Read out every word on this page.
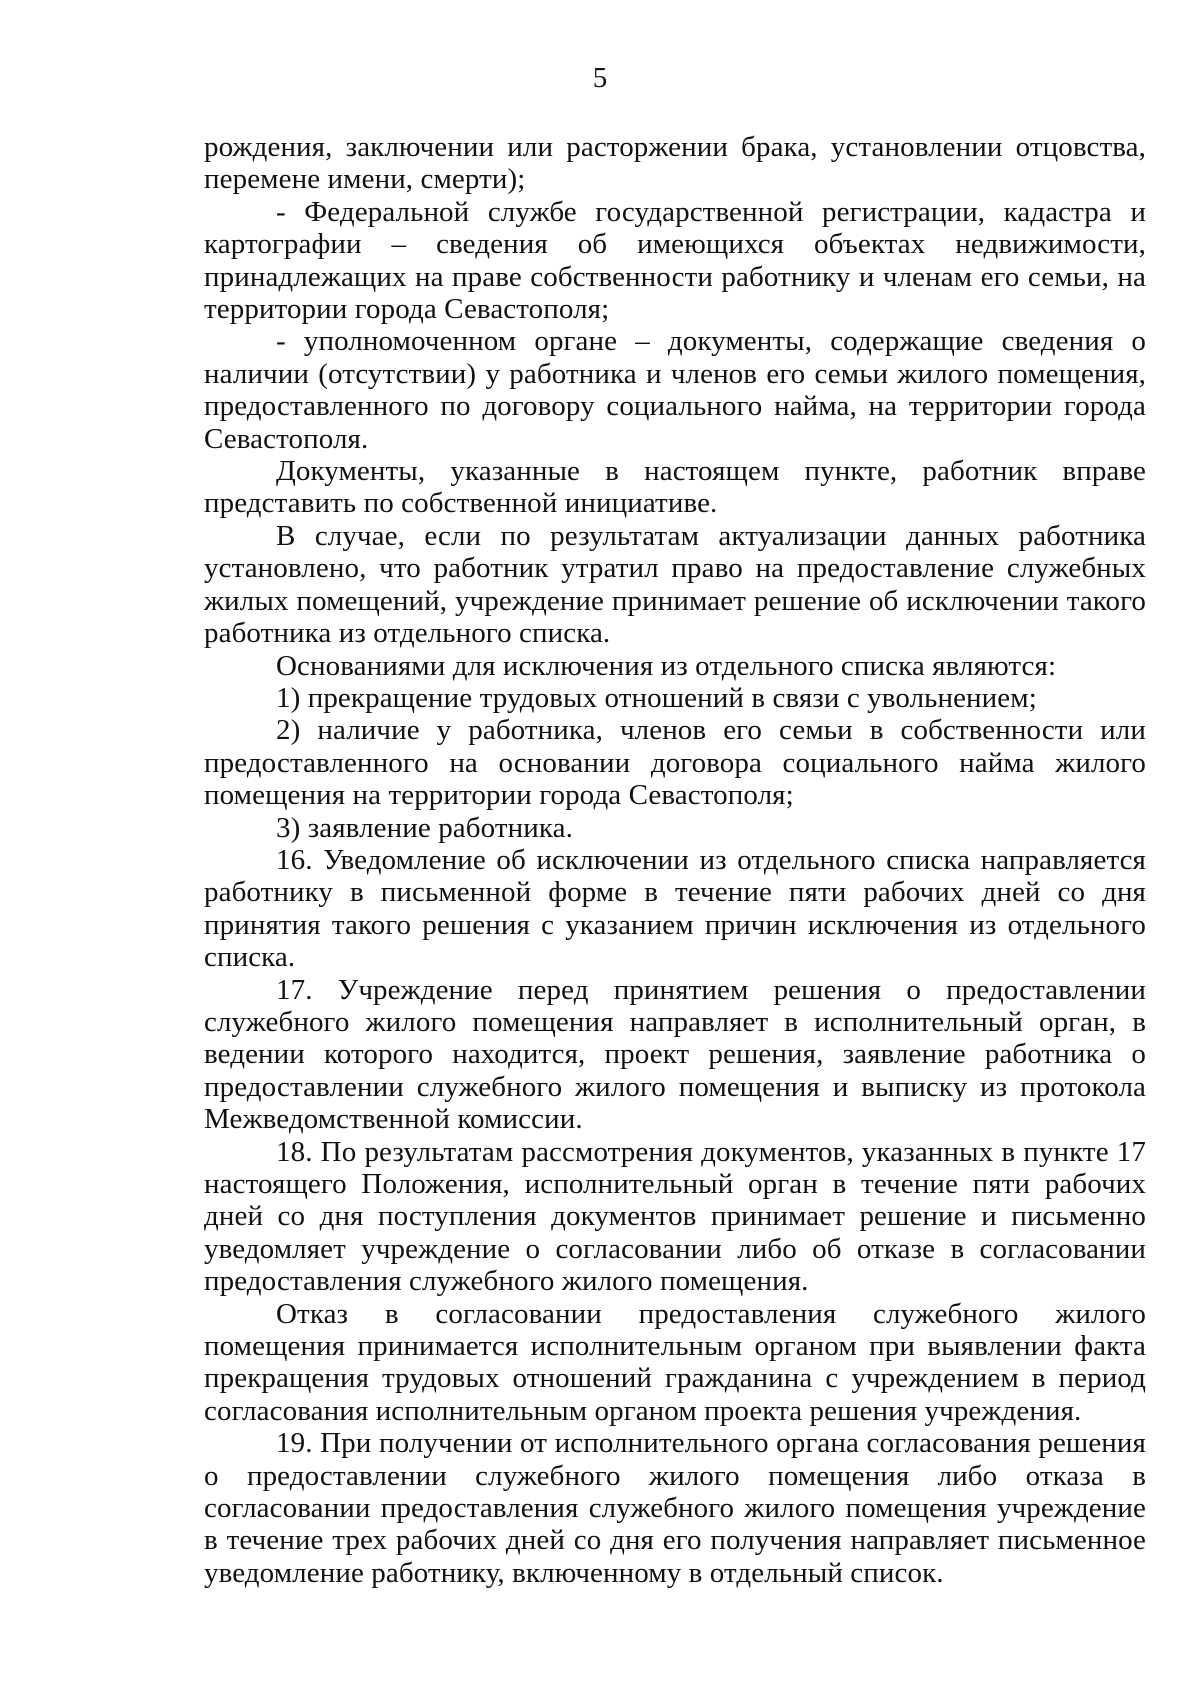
5

рождения, заключении или расторжении брака, установлении отцовства, перемене имени, смерти);

- Федеральной службе государственной регистрации, кадастра и картографии – сведения об имеющихся объектах недвижимости, принадлежащих на праве собственности работнику и членам его семьи, на территории города Севастополя;

- уполномоченном органе – документы, содержащие сведения о наличии (отсутствии) у работника и членов его семьи жилого помещения, предоставленного по договору социального найма, на территории города Севастополя.

Документы, указанные в настоящем пункте, работник вправе представить по собственной инициативе.

В случае, если по результатам актуализации данных работника установлено, что работник утратил право на предоставление служебных жилых помещений, учреждение принимает решение об исключении такого работника из отдельного списка.

Основаниями для исключения из отдельного списка являются:

1) прекращение трудовых отношений в связи с увольнением;

2) наличие у работника, членов его семьи в собственности или предоставленного на основании договора социального найма жилого помещения на территории города Севастополя;

3) заявление работника.

16. Уведомление об исключении из отдельного списка направляется работнику в письменной форме в течение пяти рабочих дней со дня принятия такого решения с указанием причин исключения из отдельного списка.

17. Учреждение перед принятием решения о предоставлении служебного жилого помещения направляет в исполнительный орган, в ведении которого находится, проект решения, заявление работника о предоставлении служебного жилого помещения и выписку из протокола Межведомственной комиссии.

18. По результатам рассмотрения документов, указанных в пункте 17 настоящего Положения, исполнительный орган в течение пяти рабочих дней со дня поступления документов принимает решение и письменно уведомляет учреждение о согласовании либо об отказе в согласовании предоставления служебного жилого помещения.

Отказ в согласовании предоставления служебного жилого помещения принимается исполнительным органом при выявлении факта прекращения трудовых отношений гражданина с учреждением в период согласования исполнительным органом проекта решения учреждения.

19. При получении от исполнительного органа согласования решения о предоставлении служебного жилого помещения либо отказа в согласовании предоставления служебного жилого помещения учреждение в течение трех рабочих дней со дня его получения направляет письменное уведомление работнику, включенному в отдельный список.
